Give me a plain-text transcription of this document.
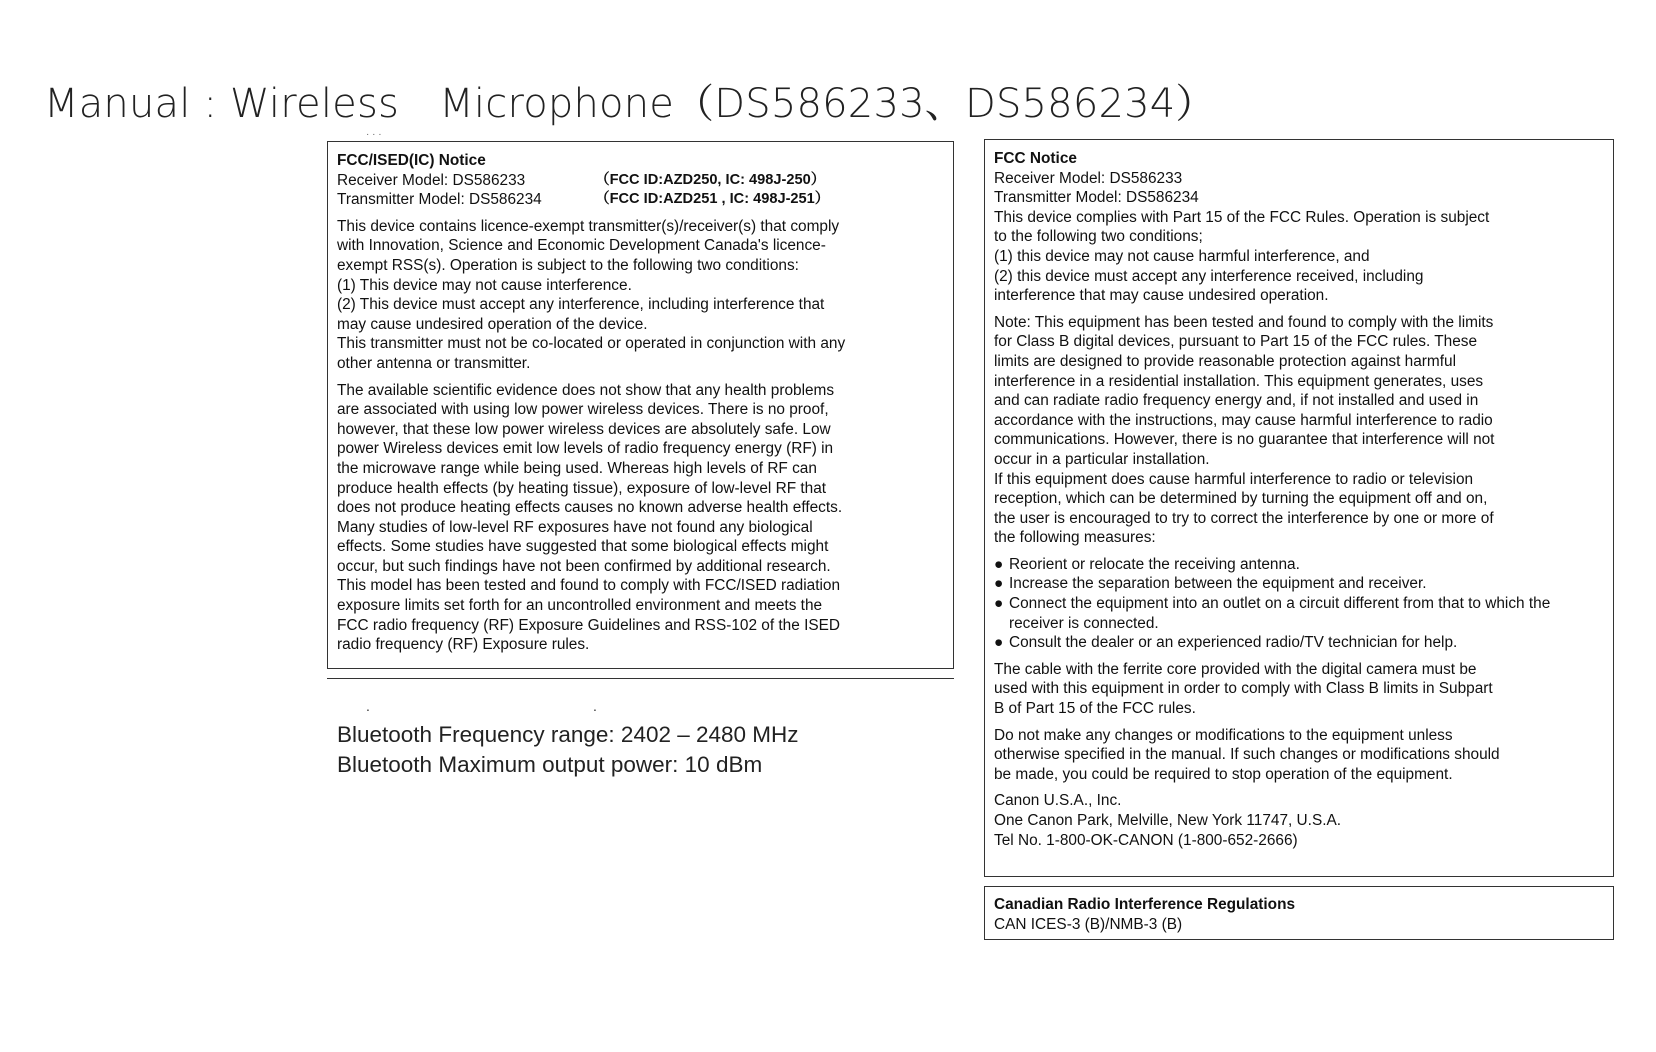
Manual : Wireless　Microphone（DS586233、DS586234）
· · ·

FCC/ISED(IC) Notice
Receiver Model: DS586233	（FCC ID:AZD250, IC: 498J-250）
Transmitter Model: DS586234	（FCC ID:AZD251 , IC: 498J-251）

This device contains licence-exempt transmitter(s)/receiver(s) that comply
with Innovation, Science and Economic Development Canada's licence-
exempt RSS(s). Operation is subject to the following two conditions:
(1) This device may not cause interference.
(2) This device must accept any interference, including interference that
may cause undesired operation of the device.
This transmitter must not be co-located or operated in conjunction with any
other antenna or transmitter.

The available scientific evidence does not show that any health problems
are associated with using low power wireless devices. There is no proof,
however, that these low power wireless devices are absolutely safe. Low
power Wireless devices emit low levels of radio frequency energy (RF) in
the microwave range while being used. Whereas high levels of RF can
produce health effects (by heating tissue), exposure of low-level RF that
does not produce heating effects causes no known adverse health effects.
Many studies of low-level RF exposures have not found any biological
effects. Some studies have suggested that some biological effects might
occur, but such findings have not been confirmed by additional research.
This model has been tested and found to comply with FCC/ISED radiation
exposure limits set forth for an uncontrolled environment and meets the
FCC radio frequency (RF) Exposure Guidelines and RSS-102 of the ISED
radio frequency (RF) Exposure rules.

.	.
Bluetooth Frequency range: 2402 – 2480 MHz
Bluetooth Maximum output power: 10 dBm

FCC Notice
Receiver Model: DS586233
Transmitter Model: DS586234
This device complies with Part 15 of the FCC Rules. Operation is subject
to the following two conditions;
(1) this device may not cause harmful interference, and
(2) this device must accept any interference received, including
interference that may cause undesired operation.

Note: This equipment has been tested and found to comply with the limits
for Class B digital devices, pursuant to Part 15 of the FCC rules. These
limits are designed to provide reasonable protection against harmful
interference in a residential installation. This equipment generates, uses
and can radiate radio frequency energy and, if not installed and used in
accordance with the instructions, may cause harmful interference to radio
communications. However, there is no guarantee that interference will not
occur in a particular installation.
If this equipment does cause harmful interference to radio or television
reception, which can be determined by turning the equipment off and on,
the user is encouraged to try to correct the interference by one or more of
the following measures:

● Reorient or relocate the receiving antenna.
● Increase the separation between the equipment and receiver.
● Connect the equipment into an outlet on a circuit different from that to which the receiver is connected.
● Consult the dealer or an experienced radio/TV technician for help.

The cable with the ferrite core provided with the digital camera must be
used with this equipment in order to comply with Class B limits in Subpart
B of Part 15 of the FCC rules.

Do not make any changes or modifications to the equipment unless
otherwise specified in the manual. If such changes or modifications should
be made, you could be required to stop operation of the equipment.

Canon U.S.A., Inc.
One Canon Park, Melville, New York 11747, U.S.A.
Tel No. 1-800-OK-CANON (1-800-652-2666)

Canadian Radio Interference Regulations
CAN ICES-3 (B)/NMB-3 (B)
